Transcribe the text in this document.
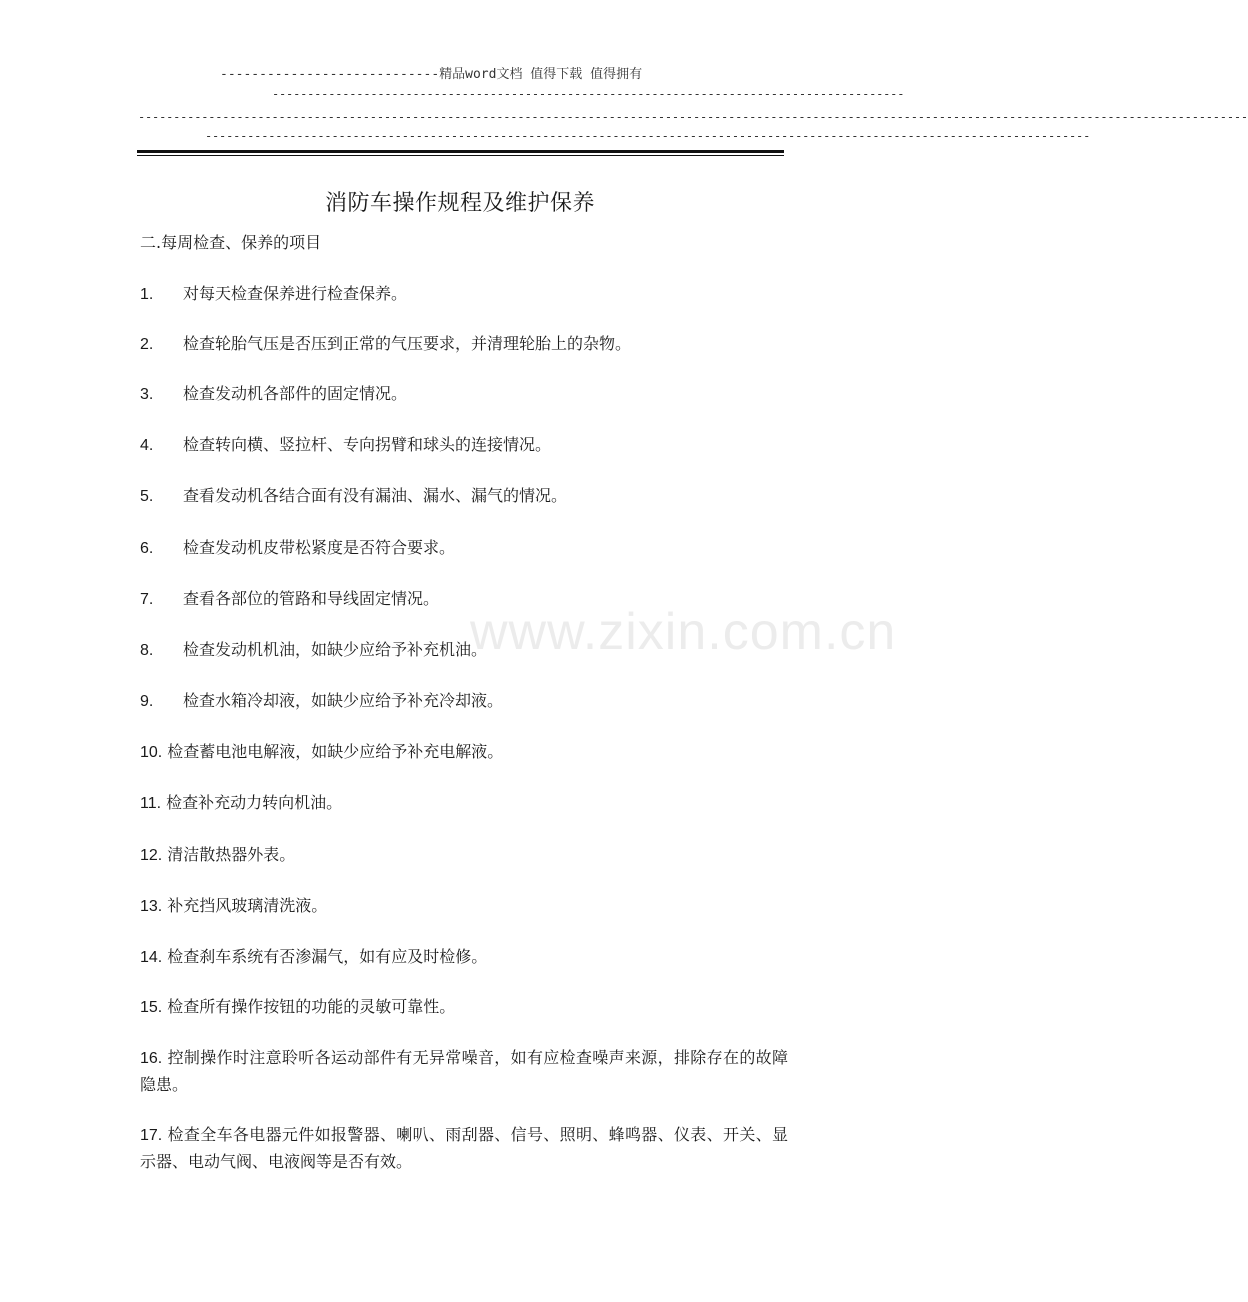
----------------------------精品word文档 值得下载 值得拥有
------------------------------------------------------------------------------------------
--------------------------------------------------------------------------------------------------------------------------------------------------------------
------------------------------------------------------------------------------------------------------------------------------
消防车操作规程及维护保养
二.每周检查、保养的项目
1. 对每天检查保养进行检查保养。
2. 检查轮胎气压是否压到正常的气压要求，并清理轮胎上的杂物。
3. 检查发动机各部件的固定情况。
4. 检查转向横、竖拉杆、专向拐臂和球头的连接情况。
5. 查看发动机各结合面有没有漏油、漏水、漏气的情况。
6. 检查发动机皮带松紧度是否符合要求。
7. 查看各部位的管路和导线固定情况。
8. 检查发动机机油，如缺少应给予补充机油。
9. 检查水箱冷却液，如缺少应给予补充冷却液。
10. 检查蓄电池电解液，如缺少应给予补充电解液。
11. 检查补充动力转向机油。
12. 清洁散热器外表。
13. 补充挡风玻璃清洗液。
14. 检查刹车系统有否渗漏气，如有应及时检修。
15. 检查所有操作按钮的功能的灵敏可靠性。
16. 控制操作时注意聆听各运动部件有无异常噪音，如有应检查噪声来源，排除存在的故障隐患。
17. 检查全车各电器元件如报警器、喇叭、雨刮器、信号、照明、蜂鸣器、仪表、开关、显示器、电动气阀、电液阀等是否有效。
www.zixin.com.cn
